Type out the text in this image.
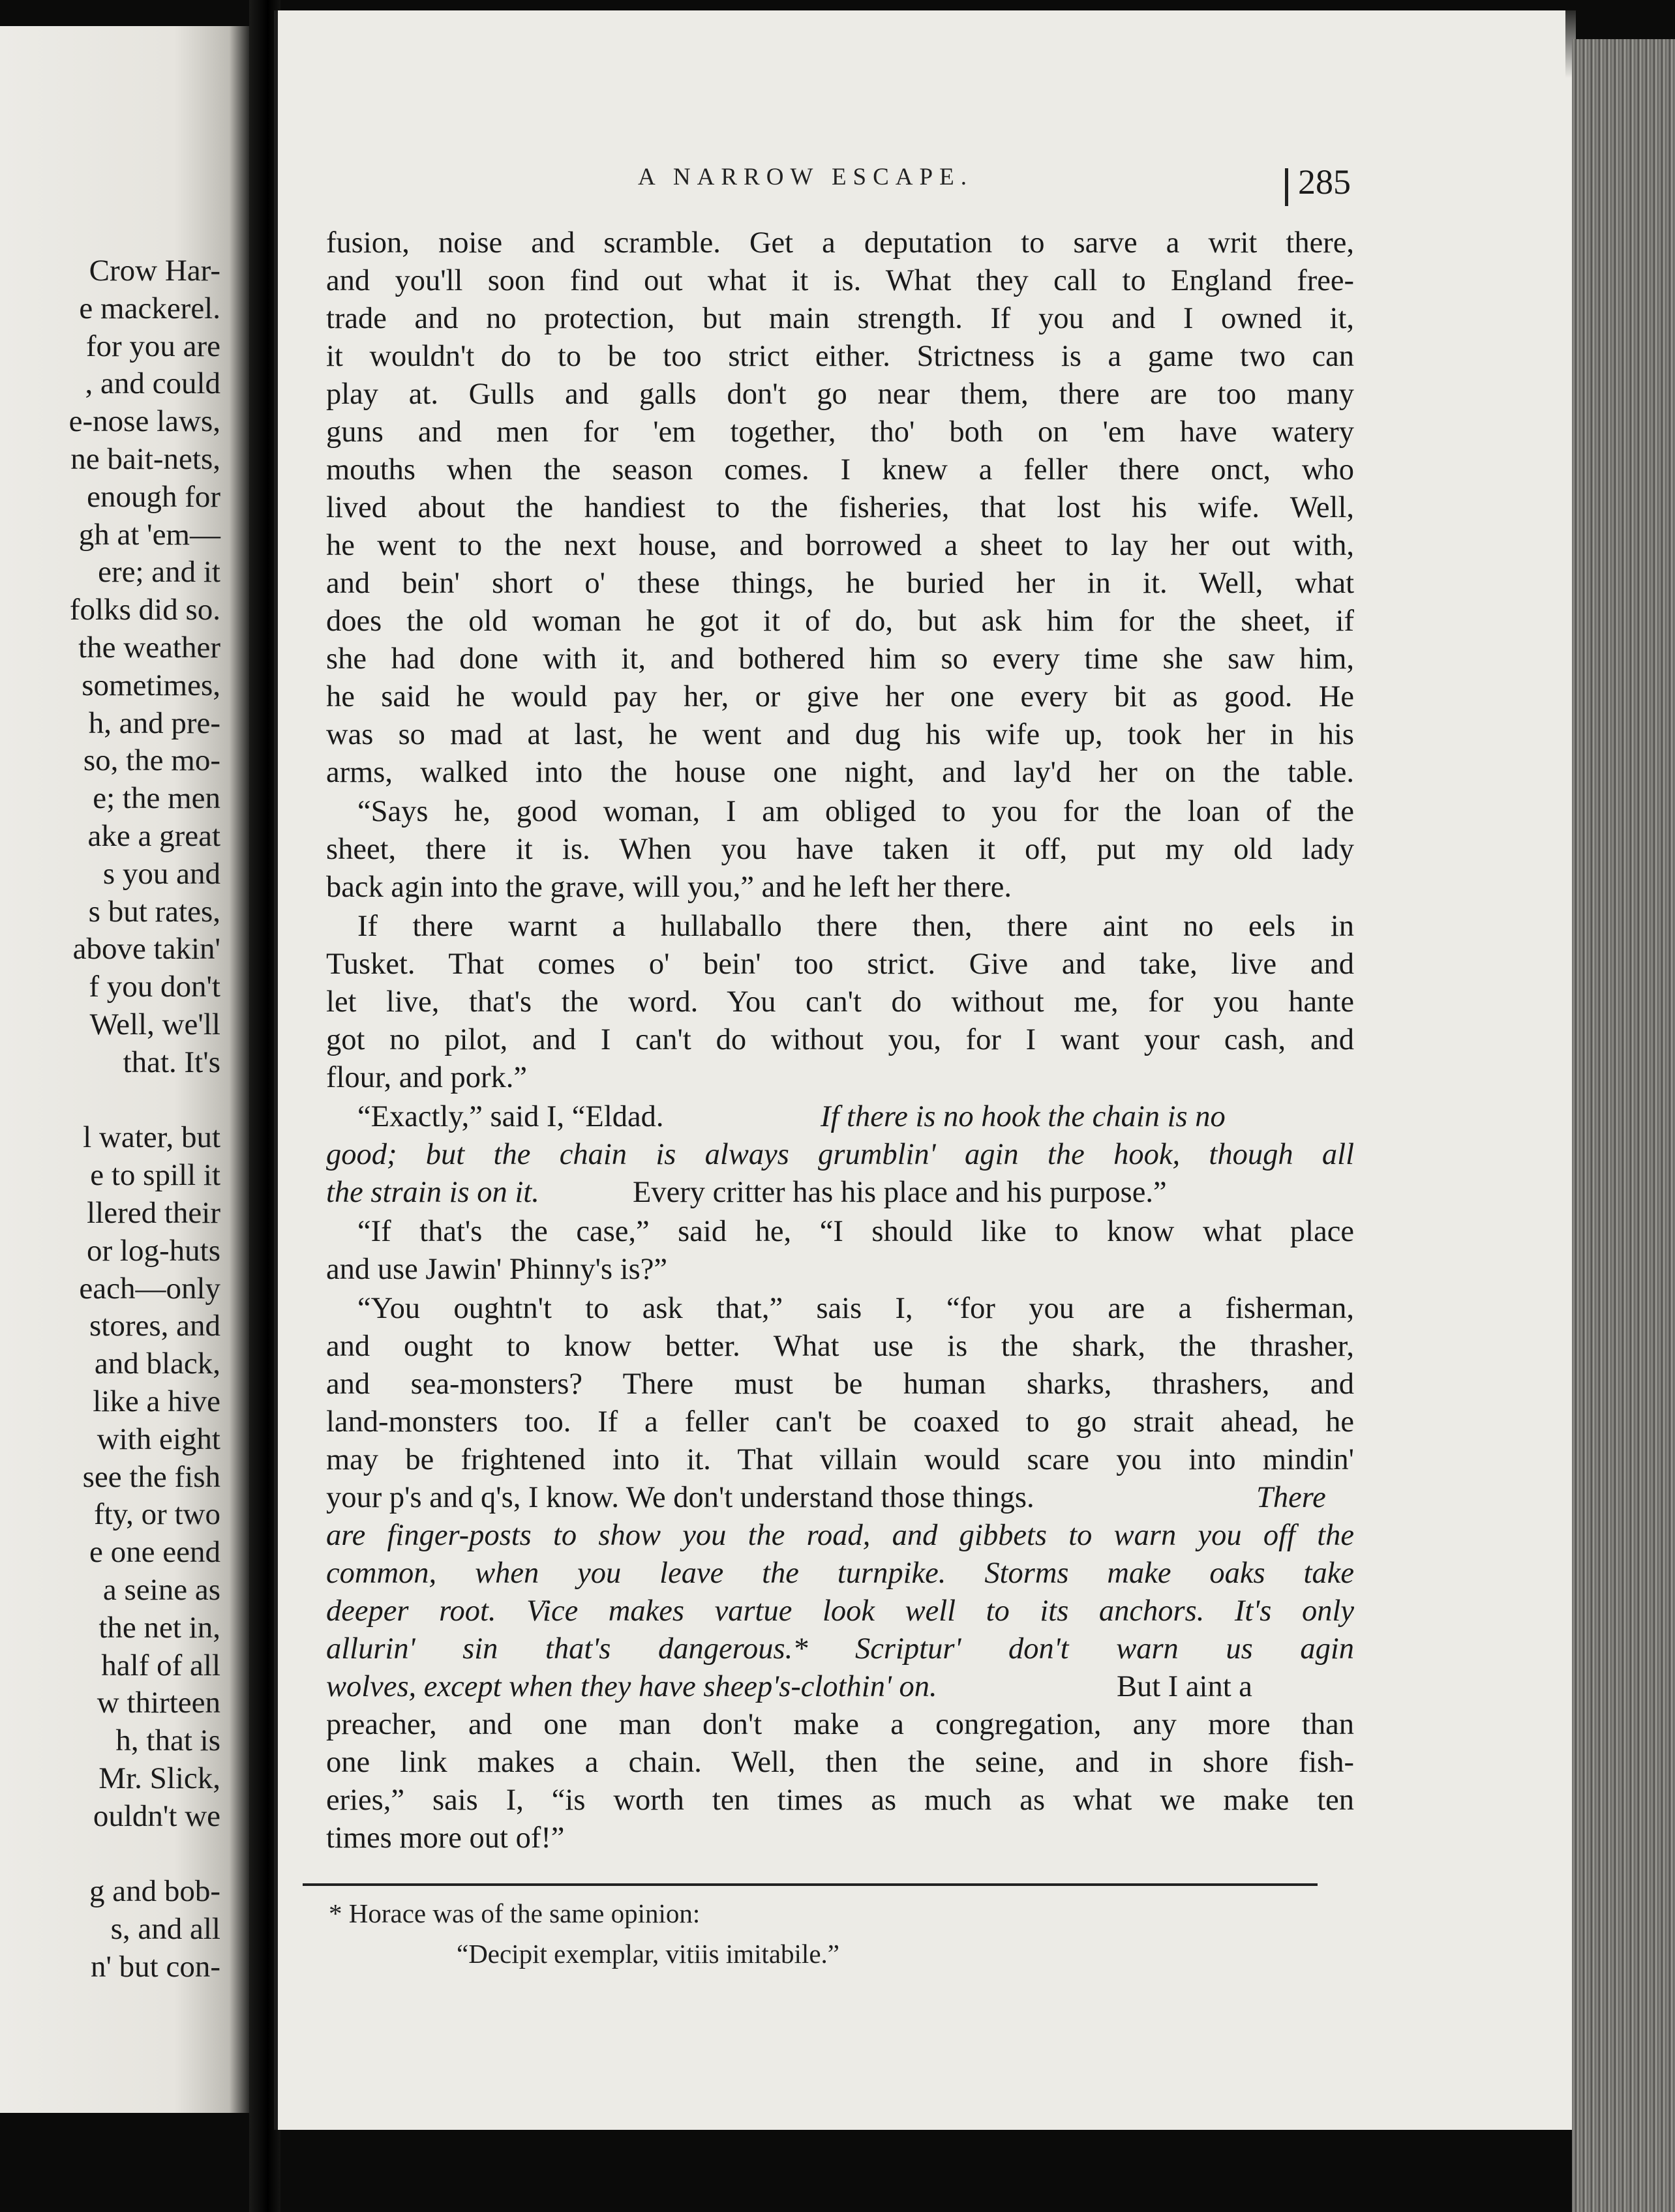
Crow Har-
e mackerel.
for you are
, and could
e-nose laws,
ne bait-nets,
enough for
gh at 'em—
ere; and it
folks did so.
the weather
sometimes,
h, and pre-
so, the mo-
e; the men
ake a great
s you and
s but rates,
above takin'
f you don't
Well, we'll
that. It's
l water, but
e to spill it
llered their
or log-huts
each—only
stores, and
and black,
like a hive
with eight
see the fish
fty, or two
e one eend
a seine as
the net in,
half of all
w thirteen
h, that is
Mr. Slick,
ouldn't we
g and bob-
s, and all
n' but con-
A NARROW ESCAPE.	285
fusion, noise and scramble. Get a deputation to sarve a writ there,
and you'll soon find out what it is. What they call to England free-
trade and no protection, but main strength. If you and I owned it,
it wouldn't do to be too strict either. Strictness is a game two can
play at. Gulls and galls don't go near them, there are too many
guns and men for 'em together, tho' both on 'em have watery
mouths when the season comes. I knew a feller there onct, who
lived about the handiest to the fisheries, that lost his wife. Well,
he went to the next house, and borrowed a sheet to lay her out with,
and bein' short o' these things, he buried her in it. Well, what
does the old woman he got it of do, but ask him for the sheet, if
she had done with it, and bothered him so every time she saw him,
he said he would pay her, or give her one every bit as good. He
was so mad at last, he went and dug his wife up, took her in his
arms, walked into the house one night, and lay'd her on the table.
“Says he, good woman, I am obliged to you for the loan of the
sheet, there it is. When you have taken it off, put my old lady
back agin into the grave, will you,” and he left her there.
If there warnt a hullaballo there then, there aint no eels in
Tusket. That comes o' bein' too strict. Give and take, live and
let live, that's the word. You can't do without me, for you hante
got no pilot, and I can't do without you, for I want your cash, and
flour, and pork.”
“Exactly,” said I, “Eldad.	If there is no hook the chain is no
good; but the chain is always grumblin' agin the hook, though all
the strain is on it.	Every critter has his place and his purpose.”
“If that's the case,” said he, “I should like to know what place
and use Jawin' Phinny's is?”
“You oughtn't to ask that,” sais I, “for you are a fisherman,
and ought to know better. What use is the shark, the thrasher,
and sea-monsters? There must be human sharks, thrashers, and
land-monsters too. If a feller can't be coaxed to go strait ahead, he
may be frightened into it. That villain would scare you into mindin'
your p's and q's, I know. We don't understand those things.	There
are finger-posts to show you the road, and gibbets to warn you off the
common, when you leave the turnpike. Storms make oaks take
deeper root. Vice makes vartue look well to its anchors. It's only
allurin' sin that's dangerous.* Scriptur' don't warn us agin
wolves, except when they have sheep's-clothin' on.	But I aint a
preacher, and one man don't make a congregation, any more than
one link makes a chain. Well, then the seine, and in shore fish-
eries,” sais I, “is worth ten times as much as what we make ten
times more out of!”
* Horace was of the same opinion:
“Decipit exemplar, vitiis imitabile.”
